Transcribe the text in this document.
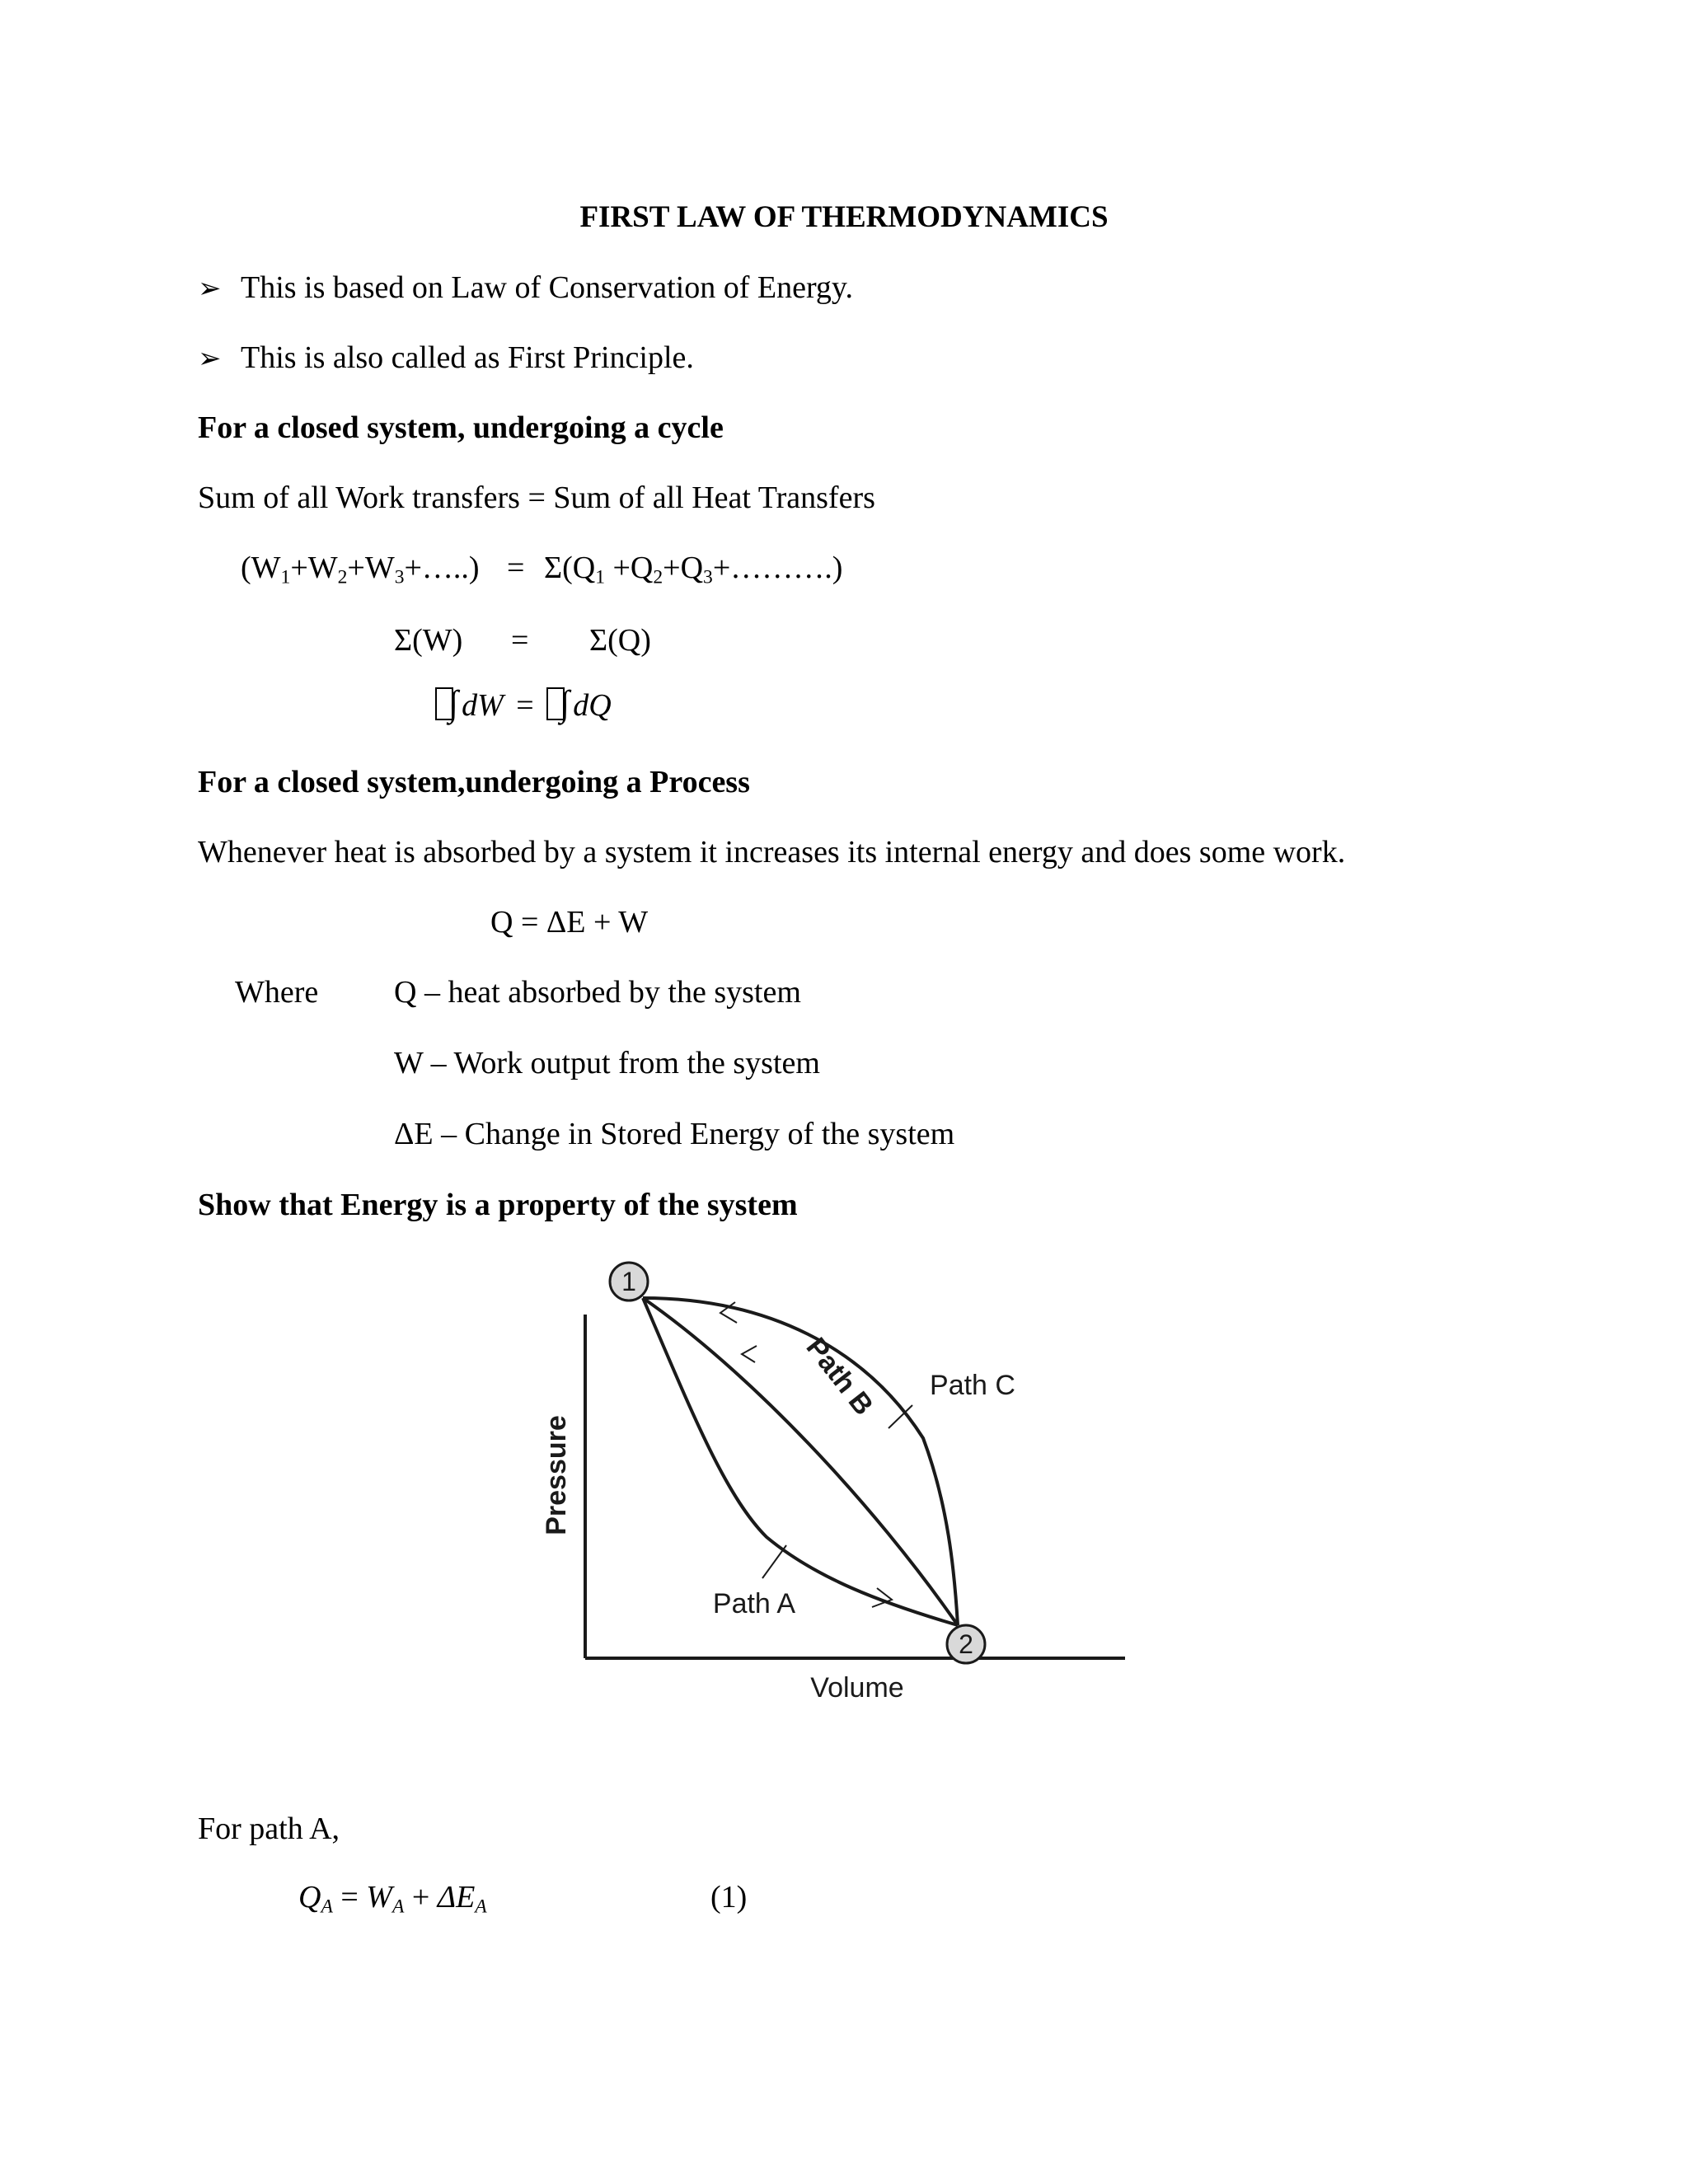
FIRST LAW OF THERMODYNAMICS
➢ This is based on Law of Conservation of Energy.
➢ This is also called as First Principle.
For a closed system, undergoing a cycle
Sum of all Work transfers = Sum of all Heat Transfers
$(W_1+W_2+W_3+\dots..) = \Sigma(Q_1$ $+Q_2+Q_3+\dots\dots\dots$.)
Σ(W) = Σ(Q)
∫ dW = ∫ dQ
For a closed system,undergoing a Process
Whenever heat is absorbed by a system it increases its internal energy and does some work.
Q = ΔE + W
Where Q – heat absorbed by the system
W – Work output from the system
ΔE – Change in Stored Energy of the system
Show that Energy is a property of the system
1
2
Path B Path C
Path A
Pressure
Volume
For path A,
$Q_A = W_A + \Delta E_A$	(1)
